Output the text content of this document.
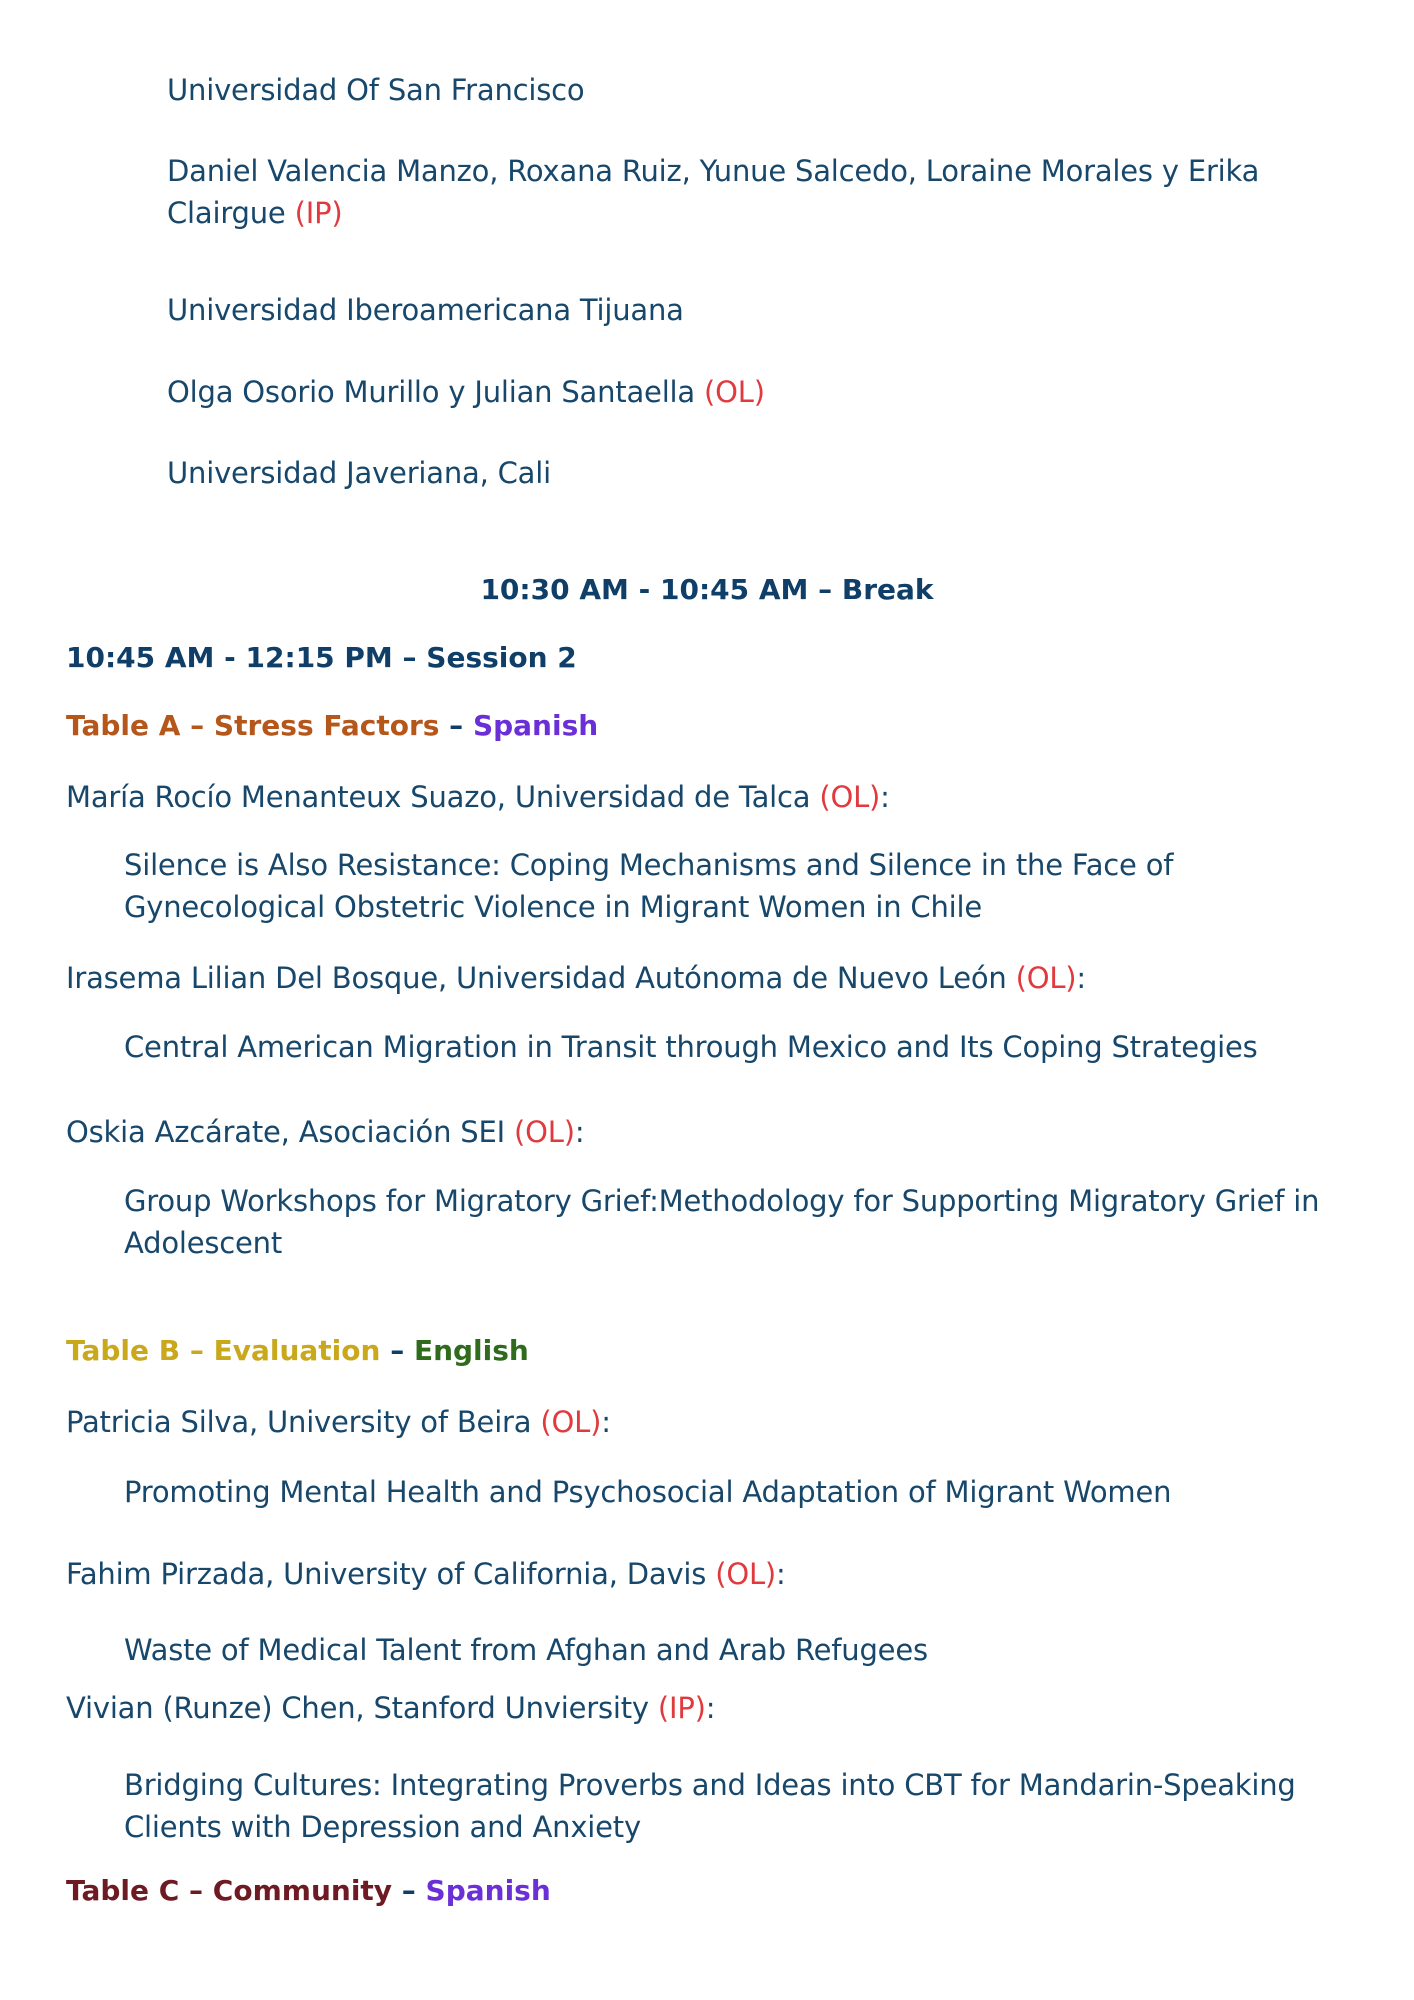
Universidad Of San Francisco
Daniel Valencia Manzo, Roxana Ruiz, Yunue Salcedo, Loraine Morales y Erika Clairgue (IP)
Universidad Iberoamericana Tijuana
Olga Osorio Murillo y Julian Santaella (OL)
Universidad Javeriana, Cali
10:30 AM - 10:45 AM – Break
10:45 AM - 12:15 PM – Session 2
Table A – Stress Factors – Spanish
María Rocío Menanteux Suazo, Universidad de Talca (OL):
Silence is Also Resistance: Coping Mechanisms and Silence in the Face of Gynecological Obstetric Violence in Migrant Women in Chile
Irasema Lilian Del Bosque, Universidad Autónoma de Nuevo León (OL):
Central American Migration in Transit through Mexico and Its Coping Strategies
Oskia Azcárate, Asociación SEI (OL):
Group Workshops for Migratory Grief:Methodology for Supporting Migratory Grief in Adolescent
Table B – Evaluation – English
Patricia Silva, University of Beira (OL):
Promoting Mental Health and Psychosocial Adaptation of Migrant Women
Fahim Pirzada, University of California, Davis (OL):
Waste of Medical Talent from Afghan and Arab Refugees
Vivian (Runze) Chen, Stanford Unviersity (IP):
Bridging Cultures: Integrating Proverbs and Ideas into CBT for Mandarin-Speaking Clients with Depression and Anxiety
Table C – Community – Spanish
